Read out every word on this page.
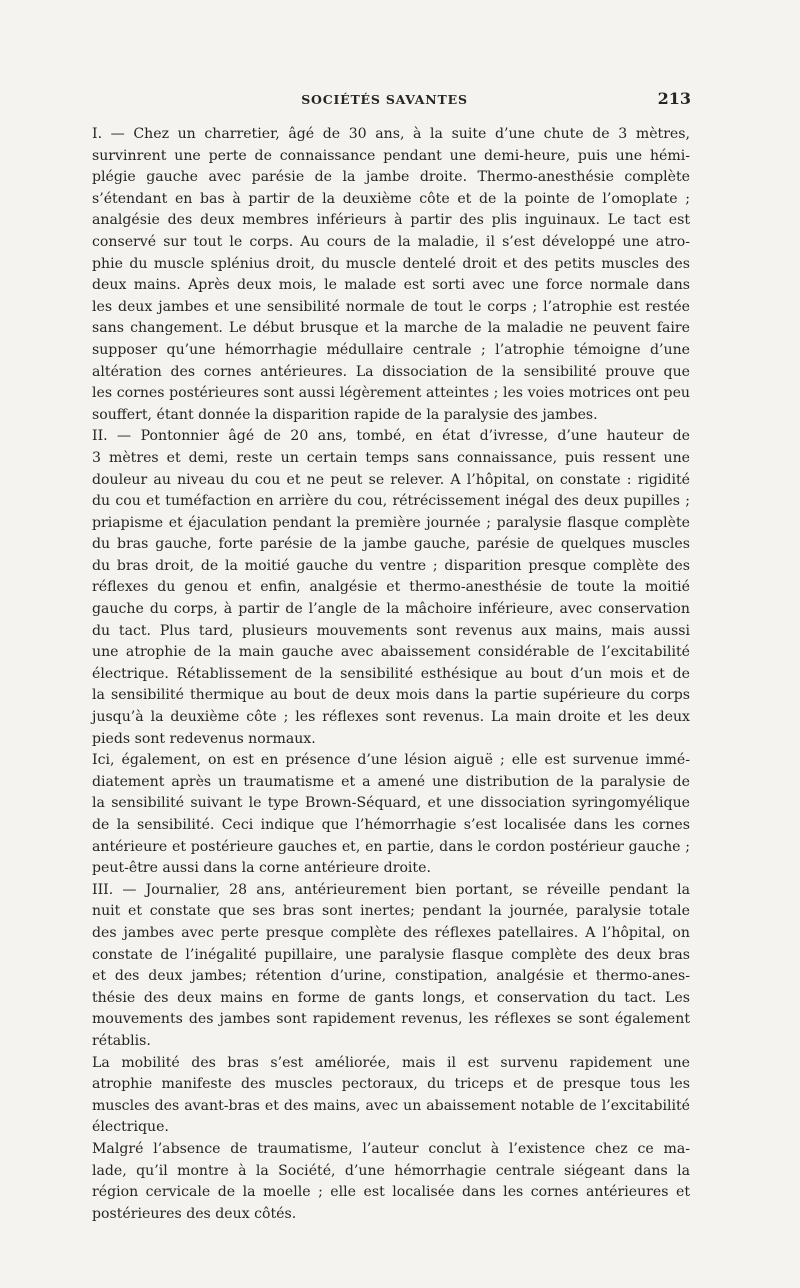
SOCIÉTÉS SAVANTES	213
I. — Chez un charretier, âgé de 30 ans, à la suite d’une chute de 3 mètres,
survinrent une perte de connaissance pendant une demi-heure, puis une hémi-
plégie gauche avec parésie de la jambe droite. Thermo-anesthésie complète
s’étendant en bas à partir de la deuxième côte et de la pointe de l’omoplate ;
analgésie des deux membres inférieurs à partir des plis inguinaux. Le tact est
conservé sur tout le corps. Au cours de la maladie, il s’est développé une atro-
phie du muscle splénius droit, du muscle dentelé droit et des petits muscles des
deux mains. Après deux mois, le malade est sorti avec une force normale dans
les deux jambes et une sensibilité normale de tout le corps ; l’atrophie est restée
sans changement. Le début brusque et la marche de la maladie ne peuvent faire
supposer qu’une hémorrhagie médullaire centrale ; l’atrophie témoigne d’une
altération des cornes antérieures. La dissociation de la sensibilité prouve que
les cornes postérieures sont aussi légèrement atteintes ; les voies motrices ont peu
souffert, étant donnée la disparition rapide de la paralysie des jambes.
II. — Pontonnier âgé de 20 ans, tombé, en état d’ivresse, d’une hauteur de
3 mètres et demi, reste un certain temps sans connaissance, puis ressent une
douleur au niveau du cou et ne peut se relever. A l’hôpital, on constate : rigidité
du cou et tuméfaction en arrière du cou, rétrécissement inégal des deux pupilles ;
priapisme et éjaculation pendant la première journée ; paralysie flasque complète
du bras gauche, forte parésie de la jambe gauche, parésie de quelques muscles
du bras droit, de la moitié gauche du ventre ; disparition presque complète des
réflexes du genou et enfin, analgésie et thermo-anesthésie de toute la moitié
gauche du corps, à partir de l’angle de la mâchoire inférieure, avec conservation
du tact. Plus tard, plusieurs mouvements sont revenus aux mains, mais aussi
une atrophie de la main gauche avec abaissement considérable de l’excitabilité
électrique. Rétablissement de la sensibilité esthésique au bout d’un mois et de
la sensibilité thermique au bout de deux mois dans la partie supérieure du corps
jusqu’à la deuxième côte ; les réflexes sont revenus. La main droite et les deux
pieds sont redevenus normaux.
Ici, également, on est en présence d’une lésion aiguë ; elle est survenue immé-
diatement après un traumatisme et a amené une distribution de la paralysie de
la sensibilité suivant le type Brown-Séquard, et une dissociation syringomyélique
de la sensibilité. Ceci indique que l’hémorrhagie s’est localisée dans les cornes
antérieure et postérieure gauches et, en partie, dans le cordon postérieur gauche ;
peut-être aussi dans la corne antérieure droite.
III. — Journalier, 28 ans, antérieurement bien portant, se réveille pendant la
nuit et constate que ses bras sont inertes; pendant la journée, paralysie totale
des jambes avec perte presque complète des réflexes patellaires. A l’hôpital, on
constate de l’inégalité pupillaire, une paralysie flasque complète des deux bras
et des deux jambes; rétention d’urine, constipation, analgésie et thermo-anes-
thésie des deux mains en forme de gants longs, et conservation du tact. Les
mouvements des jambes sont rapidement revenus, les réflexes se sont également
rétablis.
La mobilité des bras s’est améliorée, mais il est survenu rapidement une
atrophie manifeste des muscles pectoraux, du triceps et de presque tous les
muscles des avant-bras et des mains, avec un abaissement notable de l’excitabilité
électrique.
Malgré l’absence de traumatisme, l’auteur conclut à l’existence chez ce ma-
lade, qu’il montre à la Société, d’une hémorrhagie centrale siégeant dans la
région cervicale de la moelle ; elle est localisée dans les cornes antérieures et
postérieures des deux côtés.
